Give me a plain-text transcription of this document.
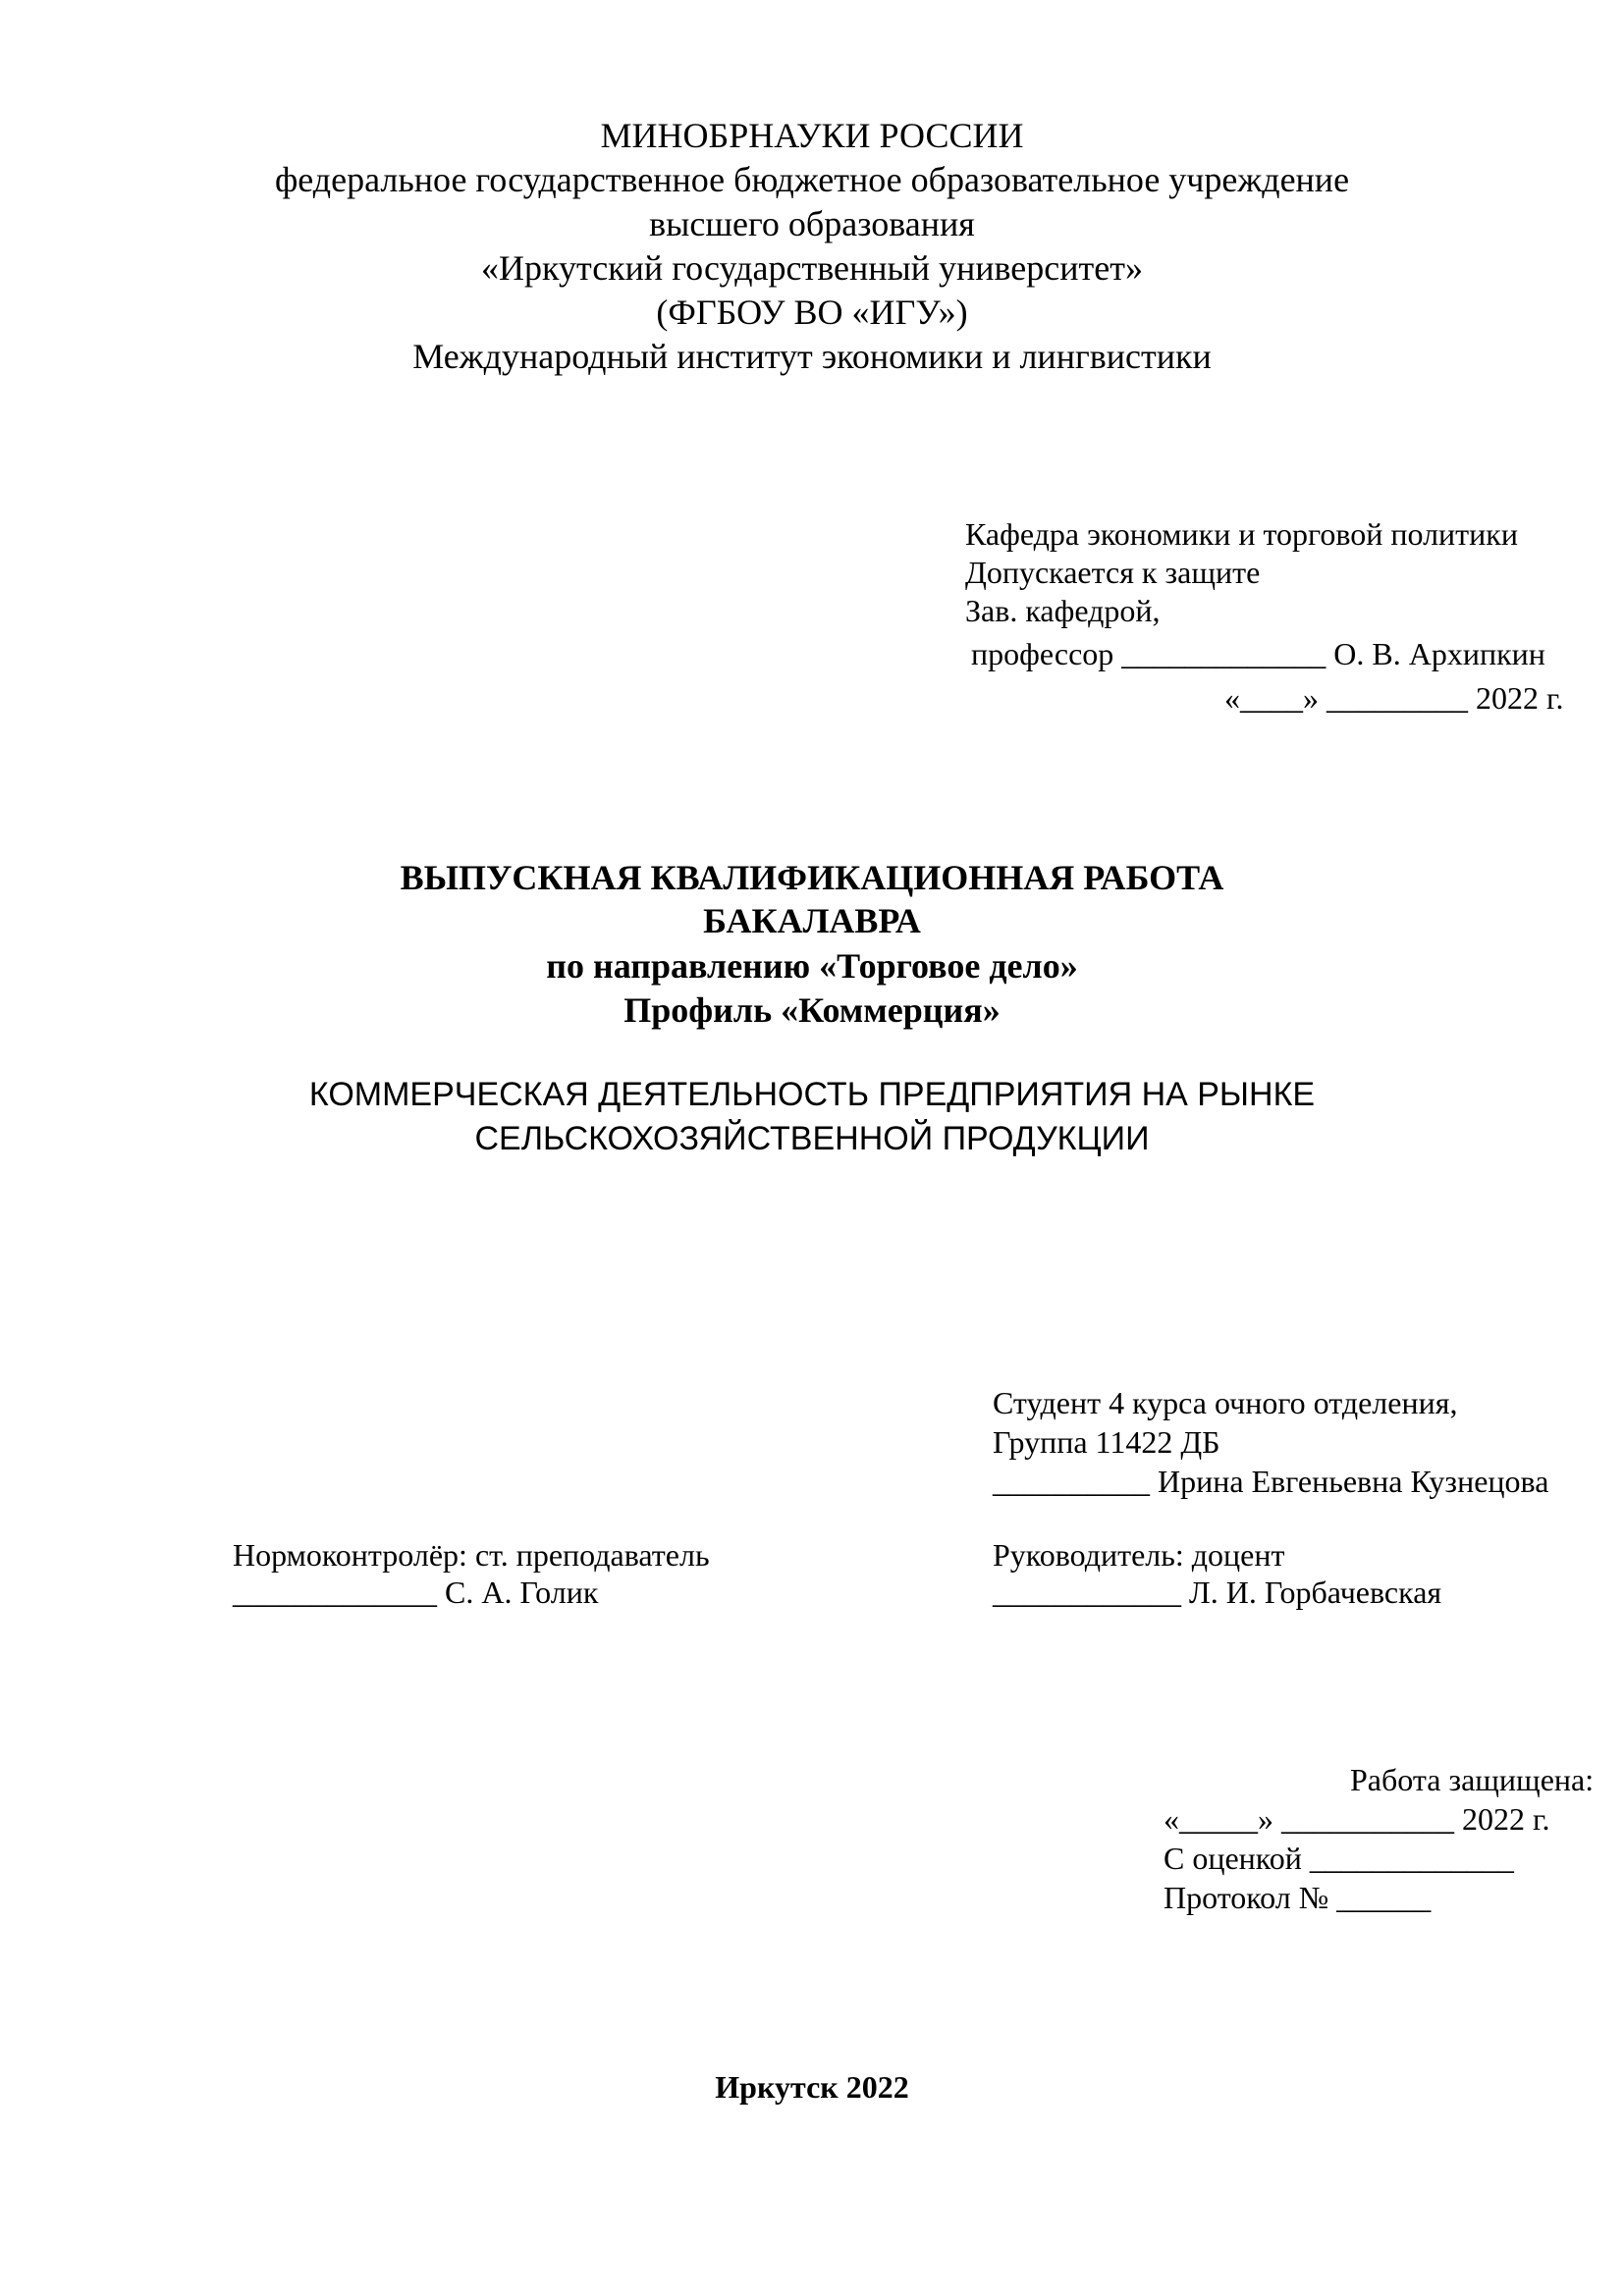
МИНОБРНАУКИ РОССИИ
федеральное государственное бюджетное образовательное учреждение
высшего образования
«Иркутский государственный университет»
(ФГБОУ ВО «ИГУ»)
Международный институт экономики и лингвистики
Кафедра экономики и торговой политики
Допускается к защите
Зав. кафедрой,
профессор _____________ О. В. Архипкин
«____» _________ 2022 г.
ВЫПУСКНАЯ КВАЛИФИКАЦИОННАЯ РАБОТА
БАКАЛАВРА
по направлению «Торговое дело»
Профиль «Коммерция»
КОММЕРЧЕСКАЯ ДЕЯТЕЛЬНОСТЬ ПРЕДПРИЯТИЯ НА РЫНКЕ
СЕЛЬСКОХОЗЯЙСТВЕННОЙ ПРОДУКЦИИ
Студент 4 курса очного отделения,
Группа 11422 ДБ
__________ Ирина Евгеньевна Кузнецова
Нормоконтролёр: ст. преподаватель
_____________ С. А. Голик
Руководитель: доцент
____________ Л. И. Горбачевская
Работа защищена:
«_____» ___________ 2022 г.
С оценкой _____________
Протокол № ______
Иркутск 2022
